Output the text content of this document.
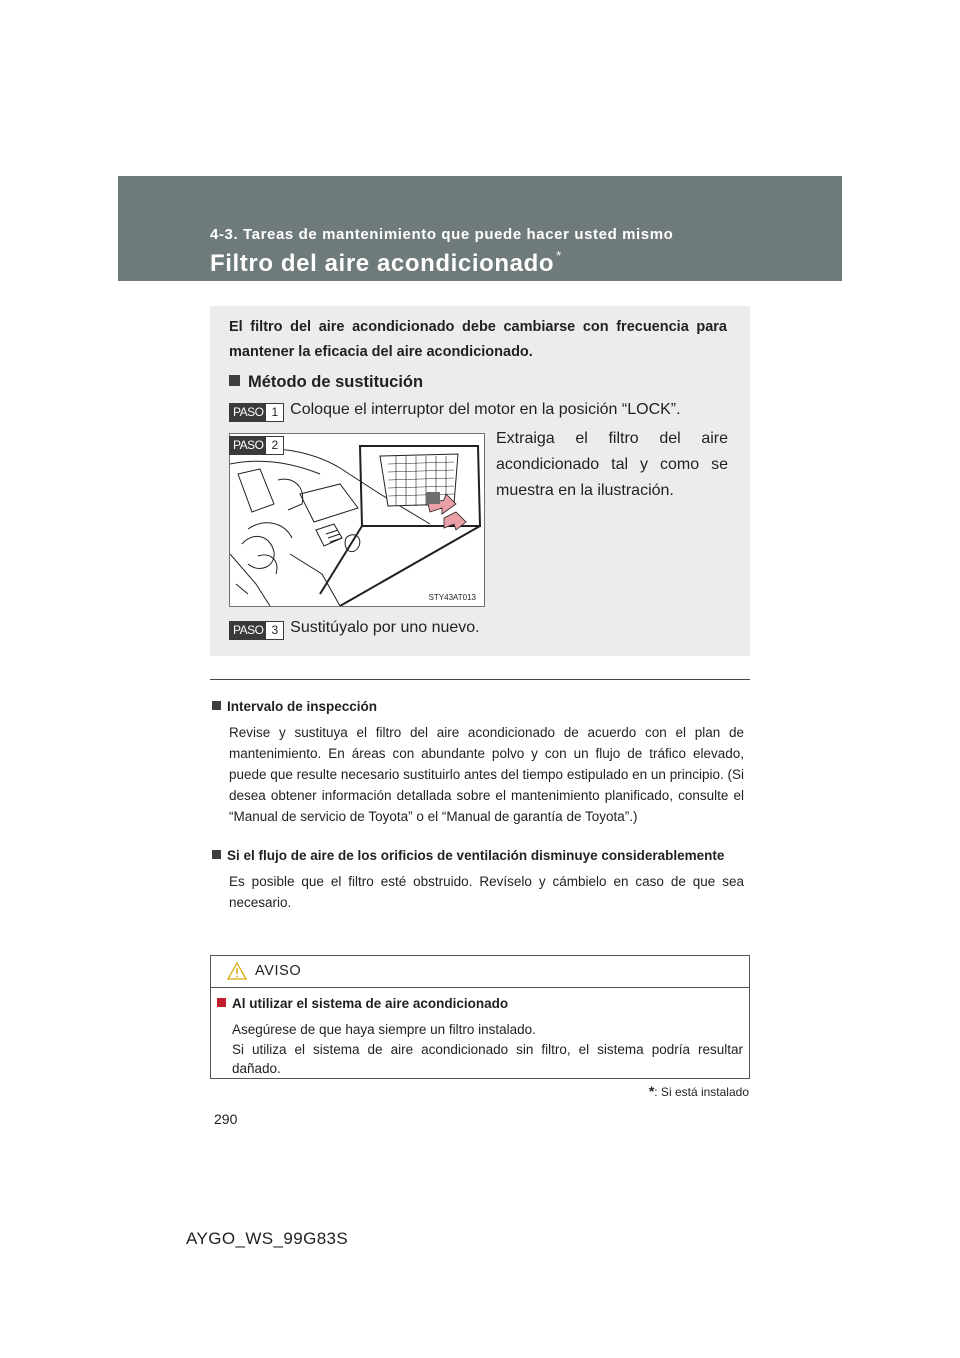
4-3. Tareas de mantenimiento que puede hacer usted mismo
Filtro del aire acondicionado *

El filtro del aire acondicionado debe cambiarse con frecuencia para mantener la eficacia del aire acondicionado.

Método de sustitución
PASO 1 Coloque el interruptor del motor en la posición “LOCK”.
STY43AT013
PASO 2	Extraiga el filtro del aire acondicionado tal y como se muestra en la ilustración.

PASO 3 Sustitúyalo por uno nuevo.
Intervalo de inspección
Revise y sustituya el filtro del aire acondicionado de acuerdo con el plan de mantenimiento. En áreas con abundante polvo y con un flujo de tráfico elevado, puede que resulte necesario sustituirlo antes del tiempo estipulado en un principio. (Si desea obtener información detallada sobre el mantenimiento planificado, consulte el “Manual de servicio de Toyota” o el “Manual de garantía de Toyota”.)
Si el flujo de aire de los orificios de ventilación disminuye considerablemente
Es posible que el filtro esté obstruido. Revíselo y cámbielo en caso de que sea necesario.
AVISO
Al utilizar el sistema de aire acondicionado
Asegúrese de que haya siempre un filtro instalado.
Si utiliza el sistema de aire acondicionado sin filtro, el sistema podría resultar dañado.
*: Si está instalado
290
AYGO_WS_99G83S
